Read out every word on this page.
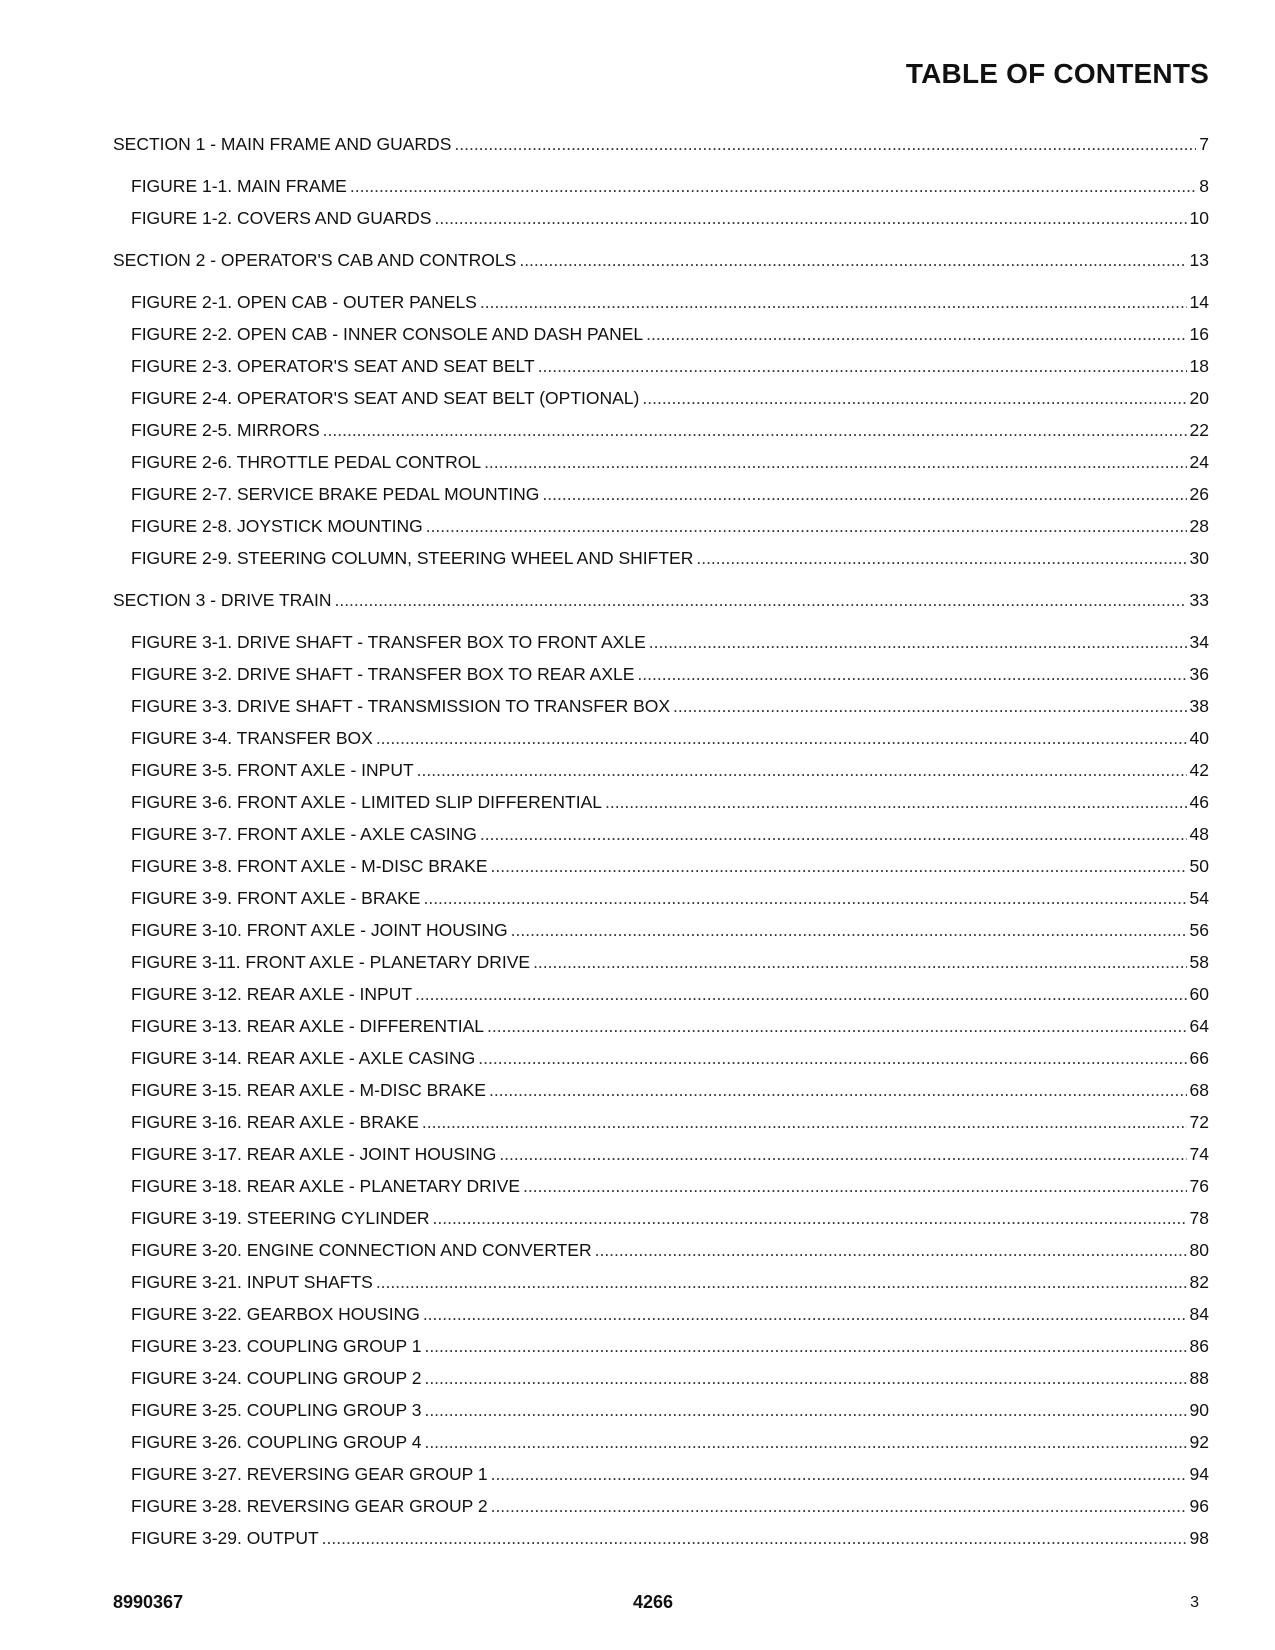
TABLE OF CONTENTS
SECTION 1 - MAIN FRAME AND GUARDS .....	7
FIGURE 1-1. MAIN FRAME .....	8
FIGURE 1-2. COVERS AND GUARDS .....	10
SECTION 2 - OPERATOR'S CAB AND CONTROLS .....	13
FIGURE 2-1. OPEN CAB - OUTER PANELS .....	14
FIGURE 2-2. OPEN CAB - INNER CONSOLE AND DASH PANEL .....	16
FIGURE 2-3. OPERATOR'S SEAT AND SEAT BELT .....	18
FIGURE 2-4. OPERATOR'S SEAT AND SEAT BELT (OPTIONAL) .....	20
FIGURE 2-5. MIRRORS .....	22
FIGURE 2-6. THROTTLE PEDAL CONTROL .....	24
FIGURE 2-7. SERVICE BRAKE PEDAL MOUNTING .....	26
FIGURE 2-8. JOYSTICK MOUNTING .....	28
FIGURE 2-9. STEERING COLUMN, STEERING WHEEL AND SHIFTER .....	30
SECTION 3 - DRIVE TRAIN .....	33
FIGURE 3-1. DRIVE SHAFT - TRANSFER BOX TO FRONT AXLE .....	34
FIGURE 3-2. DRIVE SHAFT - TRANSFER BOX TO REAR AXLE .....	36
FIGURE 3-3. DRIVE SHAFT - TRANSMISSION TO TRANSFER BOX .....	38
FIGURE 3-4. TRANSFER BOX .....	40
FIGURE 3-5. FRONT AXLE - INPUT .....	42
FIGURE 3-6. FRONT AXLE - LIMITED SLIP DIFFERENTIAL .....	46
FIGURE 3-7. FRONT AXLE - AXLE CASING .....	48
FIGURE 3-8. FRONT AXLE - M-DISC BRAKE .....	50
FIGURE 3-9. FRONT AXLE - BRAKE .....	54
FIGURE 3-10. FRONT AXLE - JOINT HOUSING .....	56
FIGURE 3-11. FRONT AXLE - PLANETARY DRIVE .....	58
FIGURE 3-12. REAR AXLE - INPUT .....	60
FIGURE 3-13. REAR AXLE - DIFFERENTIAL .....	64
FIGURE 3-14. REAR AXLE - AXLE CASING .....	66
FIGURE 3-15. REAR AXLE - M-DISC BRAKE .....	68
FIGURE 3-16. REAR AXLE - BRAKE .....	72
FIGURE 3-17. REAR AXLE - JOINT HOUSING .....	74
FIGURE 3-18. REAR AXLE - PLANETARY DRIVE .....	76
FIGURE 3-19. STEERING CYLINDER .....	78
FIGURE 3-20. ENGINE CONNECTION AND CONVERTER .....	80
FIGURE 3-21. INPUT SHAFTS .....	82
FIGURE 3-22. GEARBOX HOUSING .....	84
FIGURE 3-23. COUPLING GROUP 1 .....	86
FIGURE 3-24. COUPLING GROUP 2 .....	88
FIGURE 3-25. COUPLING GROUP 3 .....	90
FIGURE 3-26. COUPLING GROUP 4 .....	92
FIGURE 3-27. REVERSING GEAR GROUP 1 .....	94
FIGURE 3-28. REVERSING GEAR GROUP 2 .....	96
FIGURE 3-29. OUTPUT .....	98
8990367	4266	3
